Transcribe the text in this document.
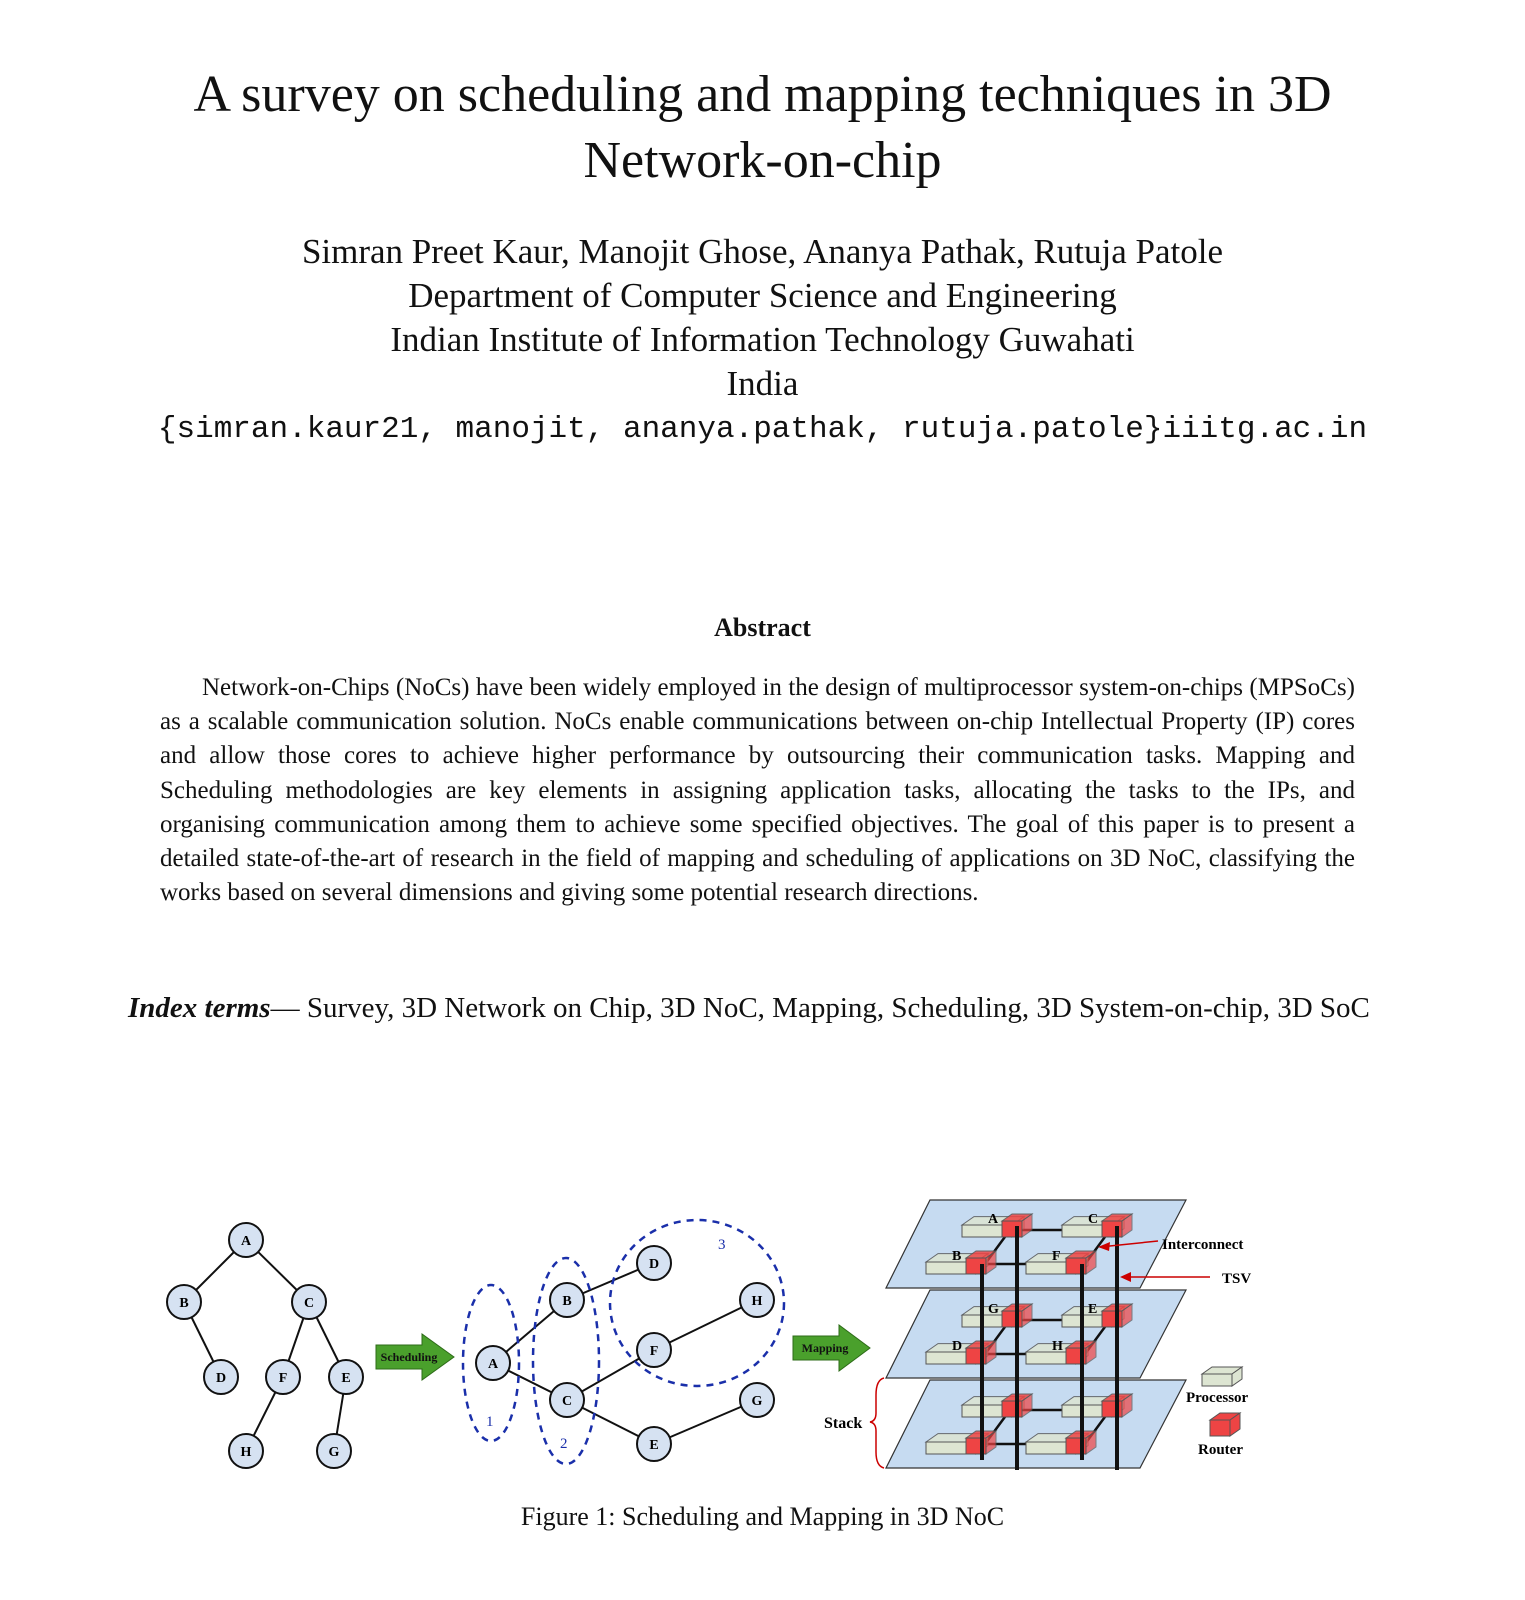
A survey on scheduling and mapping techniques in 3D
Network-on-chip
Simran Preet Kaur, Manojit Ghose, Ananya Pathak, Rutuja Patole
Department of Computer Science and Engineering
Indian Institute of Information Technology Guwahati
India
{simran.kaur21, manojit, ananya.pathak, rutuja.patole}iiitg.ac.in
Abstract
Network-on-Chips (NoCs) have been widely employed in the design of multiprocessor system-on-chips (MPSoCs) as a scalable communication solution. NoCs enable communications between on-chip Intellectual Property (IP) cores and allow those cores to achieve higher performance by outsourcing their communication tasks. Mapping and Scheduling methodologies are key elements in assigning application tasks, allocating the tasks to the IPs, and organising communication among them to achieve some specified objectives. The goal of this paper is to present a detailed state-of-the-art of research in the field of mapping and scheduling of applications on 3D NoC, classifying the works based on several dimensions and giving some potential research directions.
Index terms— Survey, 3D Network on Chip, 3D NoC, Mapping, Scheduling, 3D System-on-chip, 3D SoC
A
B	C
D	F	E
H	G
Scheduling
1
2
3
A
B
C
D
F
E
H
G
Mapping
G	E
D	H
A	C
B	F
Stack
Interconnect
TSV
Processor
Router
Figure 1: Scheduling and Mapping in 3D NoC
